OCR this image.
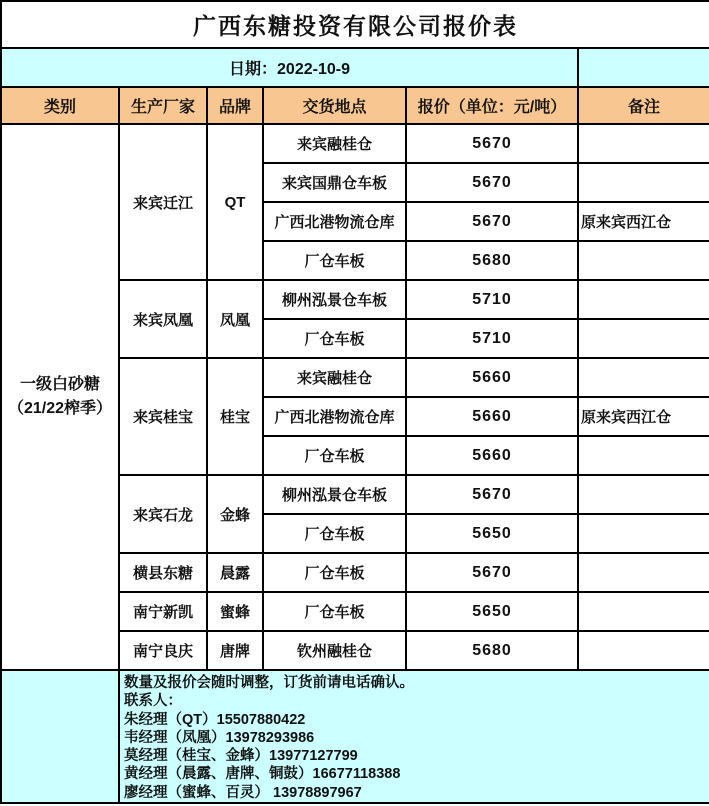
广西东糖投资有限公司报价表					
日期：2022-10-9					
类别	生产厂家	品牌	交货地点	报价（单位：元/吨）	备注

一级白砂糖
（21/22榨季）	来宾迁江	QT	来宾融桂仓	5670	
			来宾国鼎仓车板	5670	
			广西北港物流仓库	5670	原来宾西江仓
			厂仓车板	5680	
	来宾凤凰	凤凰	柳州泓景仓车板	5710	
			厂仓车板	5710	
	来宾桂宝	桂宝	来宾融桂仓	5660	
			广西北港物流仓库	5660	原来宾西江仓
			厂仓车板	5660	
	来宾石龙	金蜂	柳州泓景仓车板	5670	
			厂仓车板	5650	
	横县东糖	晨露	厂仓车板	5670	
	南宁新凯	蜜蜂	厂仓车板	5650	
	南宁良庆	唐牌	钦州融桂仓	5680	

数量及报价会随时调整，订货前请电话确认。
联系人：
朱经理（QT）15507880422
韦经理（凤凰）13978293986
莫经理（桂宝、金蜂）13977127799
黄经理（晨露、唐牌、铜鼓）16677118388
廖经理（蜜蜂、百灵） 13978897967
